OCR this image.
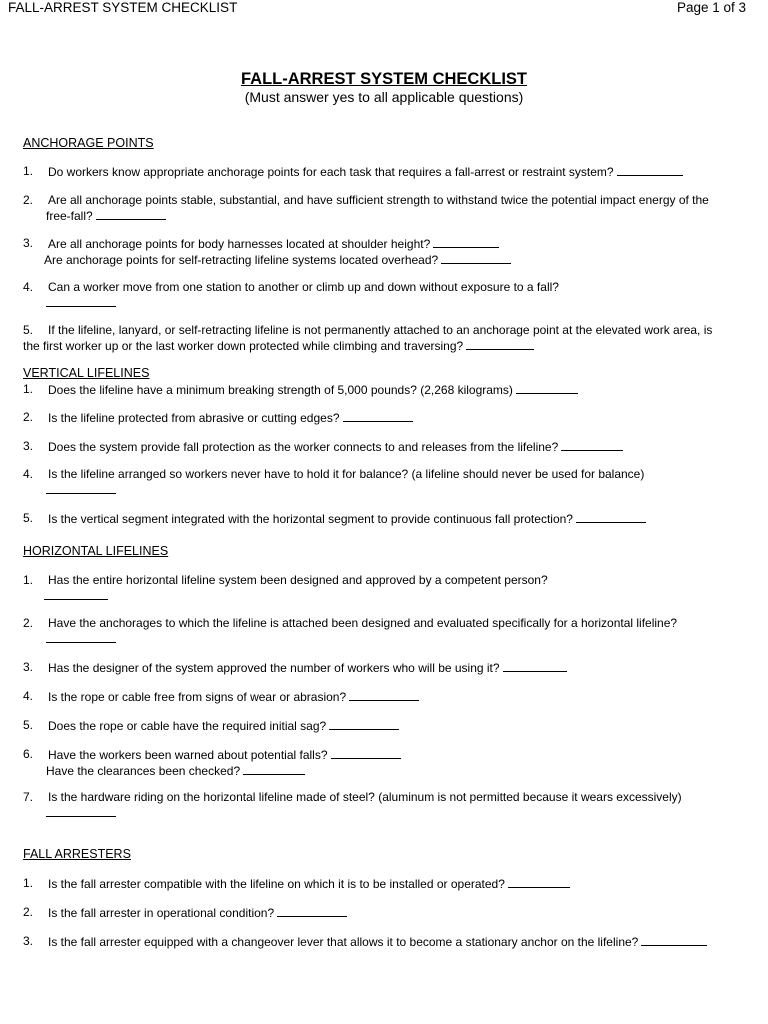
FALL-ARREST SYSTEM CHECKLIST	Page 1 of 3
FALL-ARREST SYSTEM CHECKLIST
(Must answer yes to all applicable questions)
ANCHORAGE POINTS
1.	Do workers know appropriate anchorage points for each task that requires a fall-arrest or restraint system?
2.	Are all anchorage points stable, substantial, and have sufficient strength to withstand twice the potential impact energy of the
free-fall?
3.	Are all anchorage points for body harnesses located at shoulder height?
Are anchorage points for self-retracting lifeline systems located overhead?
4.	Can a worker move from one station to another or climb up and down without exposure to a fall?
5.	If the lifeline, lanyard, or self-retracting lifeline is not permanently attached to an anchorage point at the elevated work area, is
the first worker up or the last worker down protected while climbing and traversing?
VERTICAL LIFELINES
1.	Does the lifeline have a minimum breaking strength of 5,000 pounds? (2,268 kilograms)
2.	Is the lifeline protected from abrasive or cutting edges?
3.	Does the system provide fall protection as the worker connects to and releases from the lifeline?
4.	Is the lifeline arranged so workers never have to hold it for balance? (a lifeline should never be used for balance)
5.	Is the vertical segment integrated with the horizontal segment to provide continuous fall protection?
HORIZONTAL LIFELINES
1.	Has the entire horizontal lifeline system been designed and approved by a competent person?
2.	Have the anchorages to which the lifeline is attached been designed and evaluated specifically for a horizontal lifeline?
3.	Has the designer of the system approved the number of workers who will be using it?
4.	Is the rope or cable free from signs of wear or abrasion?
5.	Does the rope or cable have the required initial sag?
6.	Have the workers been warned about potential falls?
Have the clearances been checked?
7.	Is the hardware riding on the horizontal lifeline made of steel? (aluminum is not permitted because it wears excessively)
FALL ARRESTERS
1.	Is the fall arrester compatible with the lifeline on which it is to be installed or operated?
2.	Is the fall arrester in operational condition?
3.	Is the fall arrester equipped with a changeover lever that allows it to become a stationary anchor on the lifeline?
